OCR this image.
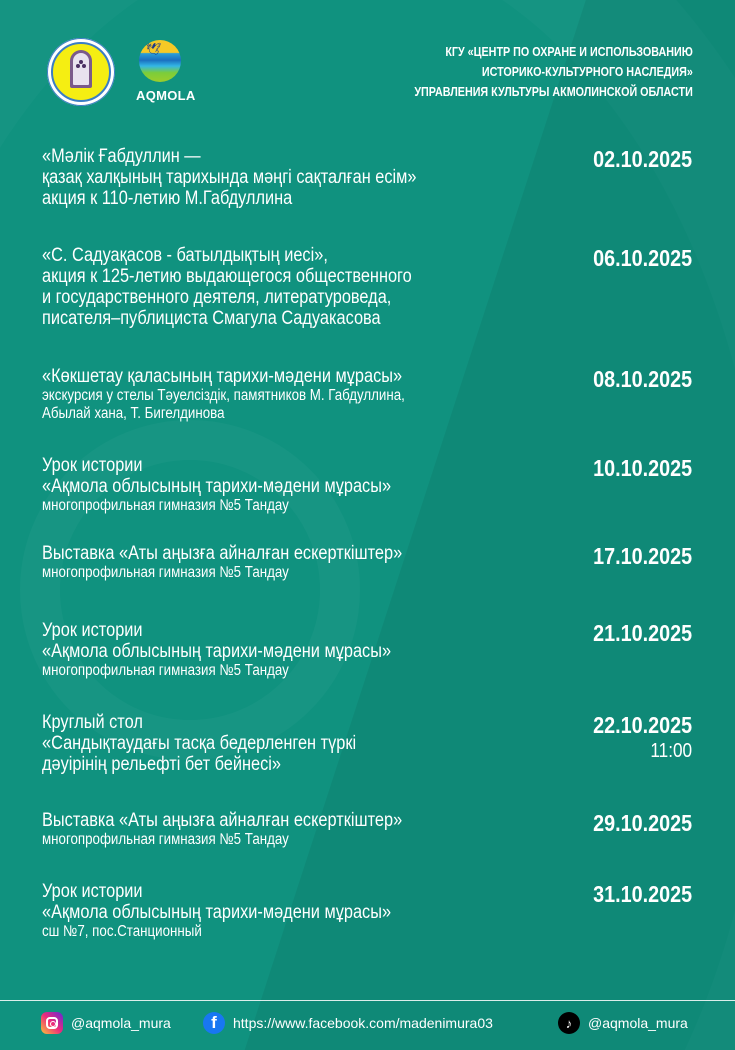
🕊
AQMOLA
КГУ «ЦЕНТР ПО ОХРАНЕ И ИСПОЛЬЗОВАНИЮ
ИСТОРИКО-КУЛЬТУРНОГО НАСЛЕДИЯ»
УПРАВЛЕНИЯ КУЛЬТУРЫ АКМОЛИНСКОЙ ОБЛАСТИ
«Мәлік Ғабдуллин —
қазақ халқының тарихында мәңгі сақталған есім»
акция к 110-летию М.Габдуллина
02.10.2025
«С. Садуақасов - батылдықтың иесі»,
акция к 125-летию выдающегося общественного
и государственного деятеля, литературоведа,
писателя–публициста Смагула Садуакасова
06.10.2025
«Көкшетау қаласының тарихи-мәдени мұрасы»
экскурсия у стелы Тәуелсіздік, памятников М. Габдуллина,
Абылай хана, Т. Бигелдинова
08.10.2025
Урок истории
«Ақмола облысының тарихи-мәдени мұрасы»
многопрофильная гимназия №5 Тандау
10.10.2025
Выставка «Аты аңызға айналған ескерткіштер»
многопрофильная гимназия №5 Тандау
17.10.2025
Урок истории
«Ақмола облысының тарихи-мәдени мұрасы»
многопрофильная гимназия №5 Тандау
21.10.2025
Круглый стол
«Сандықтаудағы тасқа бедерленген түркі
дәуірінің рельефті бет бейнесі»
22.10.2025
11:00
Выставка «Аты аңызға айналған ескерткіштер»
многопрофильная гимназия №5 Тандау
29.10.2025
Урок истории
«Ақмола облысының тарихи-мәдени мұрасы»
сш №7, пос.Станционный
31.10.2025
@aqmola_mura	f	https://www.facebook.com/madenimura03	♪	@aqmola_mura
